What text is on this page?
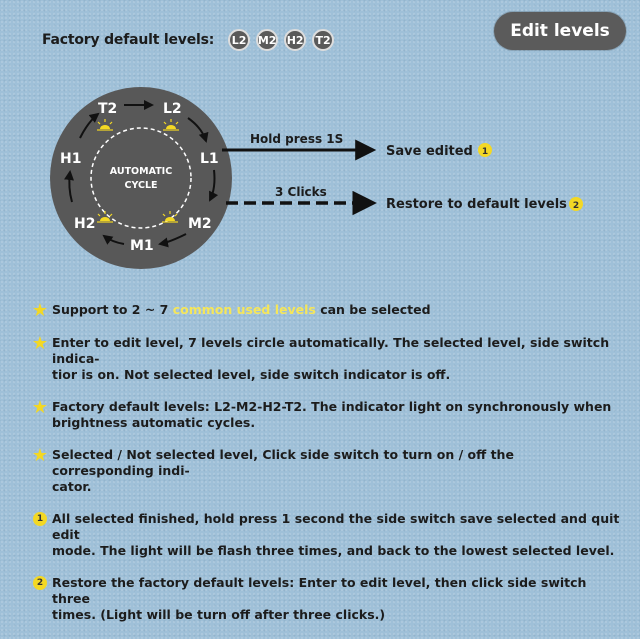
Factory default levels:	L2	M2 H2	T2	Edit levels
AUTOMATIC
CYCLE
T2	L2
L1
M2
M1
H2
H1
Hold press 1S
Save edited 1
3 Clicks
Restore to default levels 2
★ Support to 2 ~ 7 common used levels can be selected
★ Enter to edit level, 7 levels circle automatically. The selected level, side switch indica-
tior is on. Not selected level, side switch indicator is off.
★ Factory default levels: L2-M2-H2-T2. The indicator light on synchronously when
brightness automatic cycles.
★ Selected / Not selected level, Click side switch to turn on / off the corresponding indi-
cator.
1 All selected finished, hold press 1 second the side switch save selected and quit edit
mode. The light will be flash three times, and back to the lowest selected level.
2 Restore the factory default levels: Enter to edit level, then click side switch three
times. (Light will be turn off after three clicks.)
